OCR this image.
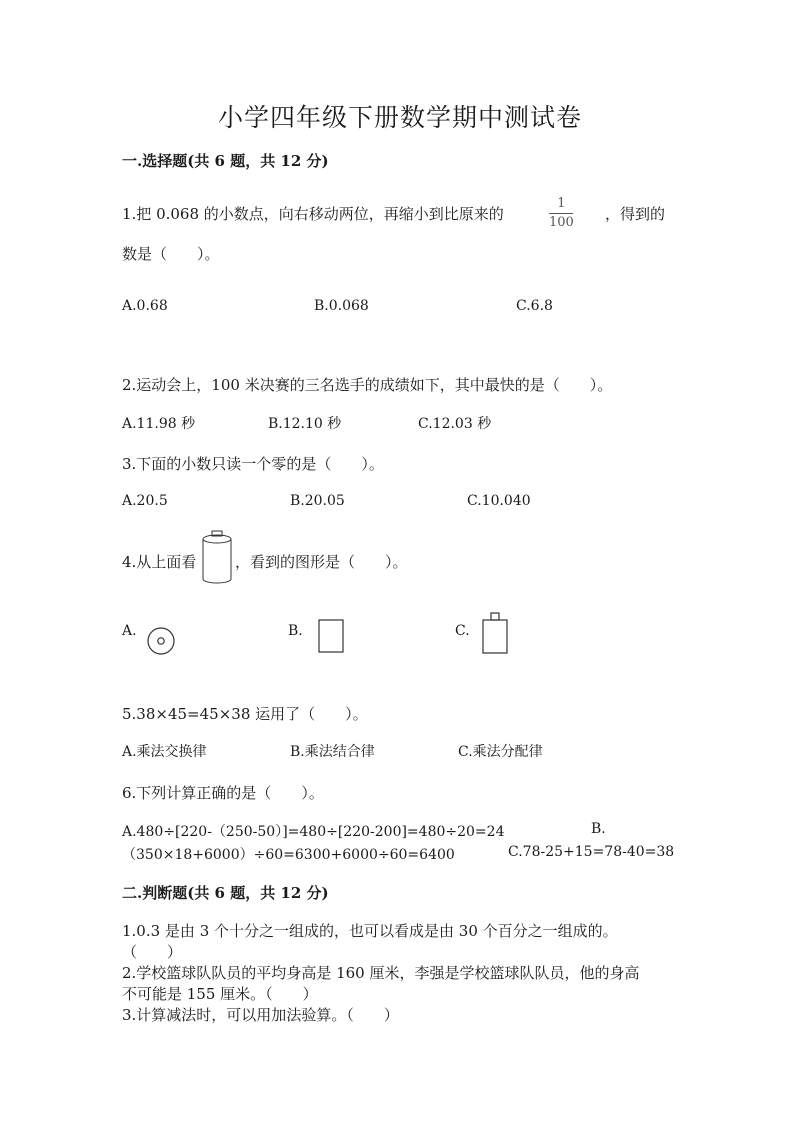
小学四年级下册数学期中测试卷
一.选择题(共 6 题，共 12 分)
1.把 0.068 的小数点，向右移动两位，再缩小到比原来的
1
100 ，得到的
数是（　　）。
A.0.68	B.0.068	C.6.8
2.运动会上，100 米决赛的三名选手的成绩如下，其中最快的是（　　）。
A.11.98 秒	B.12.10 秒	C.12.03 秒
3.下面的小数只读一个零的是（　　）。
A.20.5	B.20.05	C.10.040
4.从上面看	，看到的图形是（　　）。
A.	B.	C.
5.38×45=45×38 运用了（　　）。
A.乘法交换律	B.乘法结合律	C.乘法分配律
6.下列计算正确的是（　　）。
A.480÷[220-（250-50）]=480÷[220-200]=480÷20=24	B.
（350×18+6000）÷60=6300+6000÷60=6400	C.78-25+15=78-40=38
二.判断题(共 6 题，共 12 分)
1.0.3 是由 3 个十分之一组成的，也可以看成是由 30 个百分之一组成的。
（　　）
2.学校篮球队队员的平均身高是 160 厘米，李强是学校篮球队队员，他的身高
不可能是 155 厘米。（　　）
3.计算减法时，可以用加法验算。（　　）
